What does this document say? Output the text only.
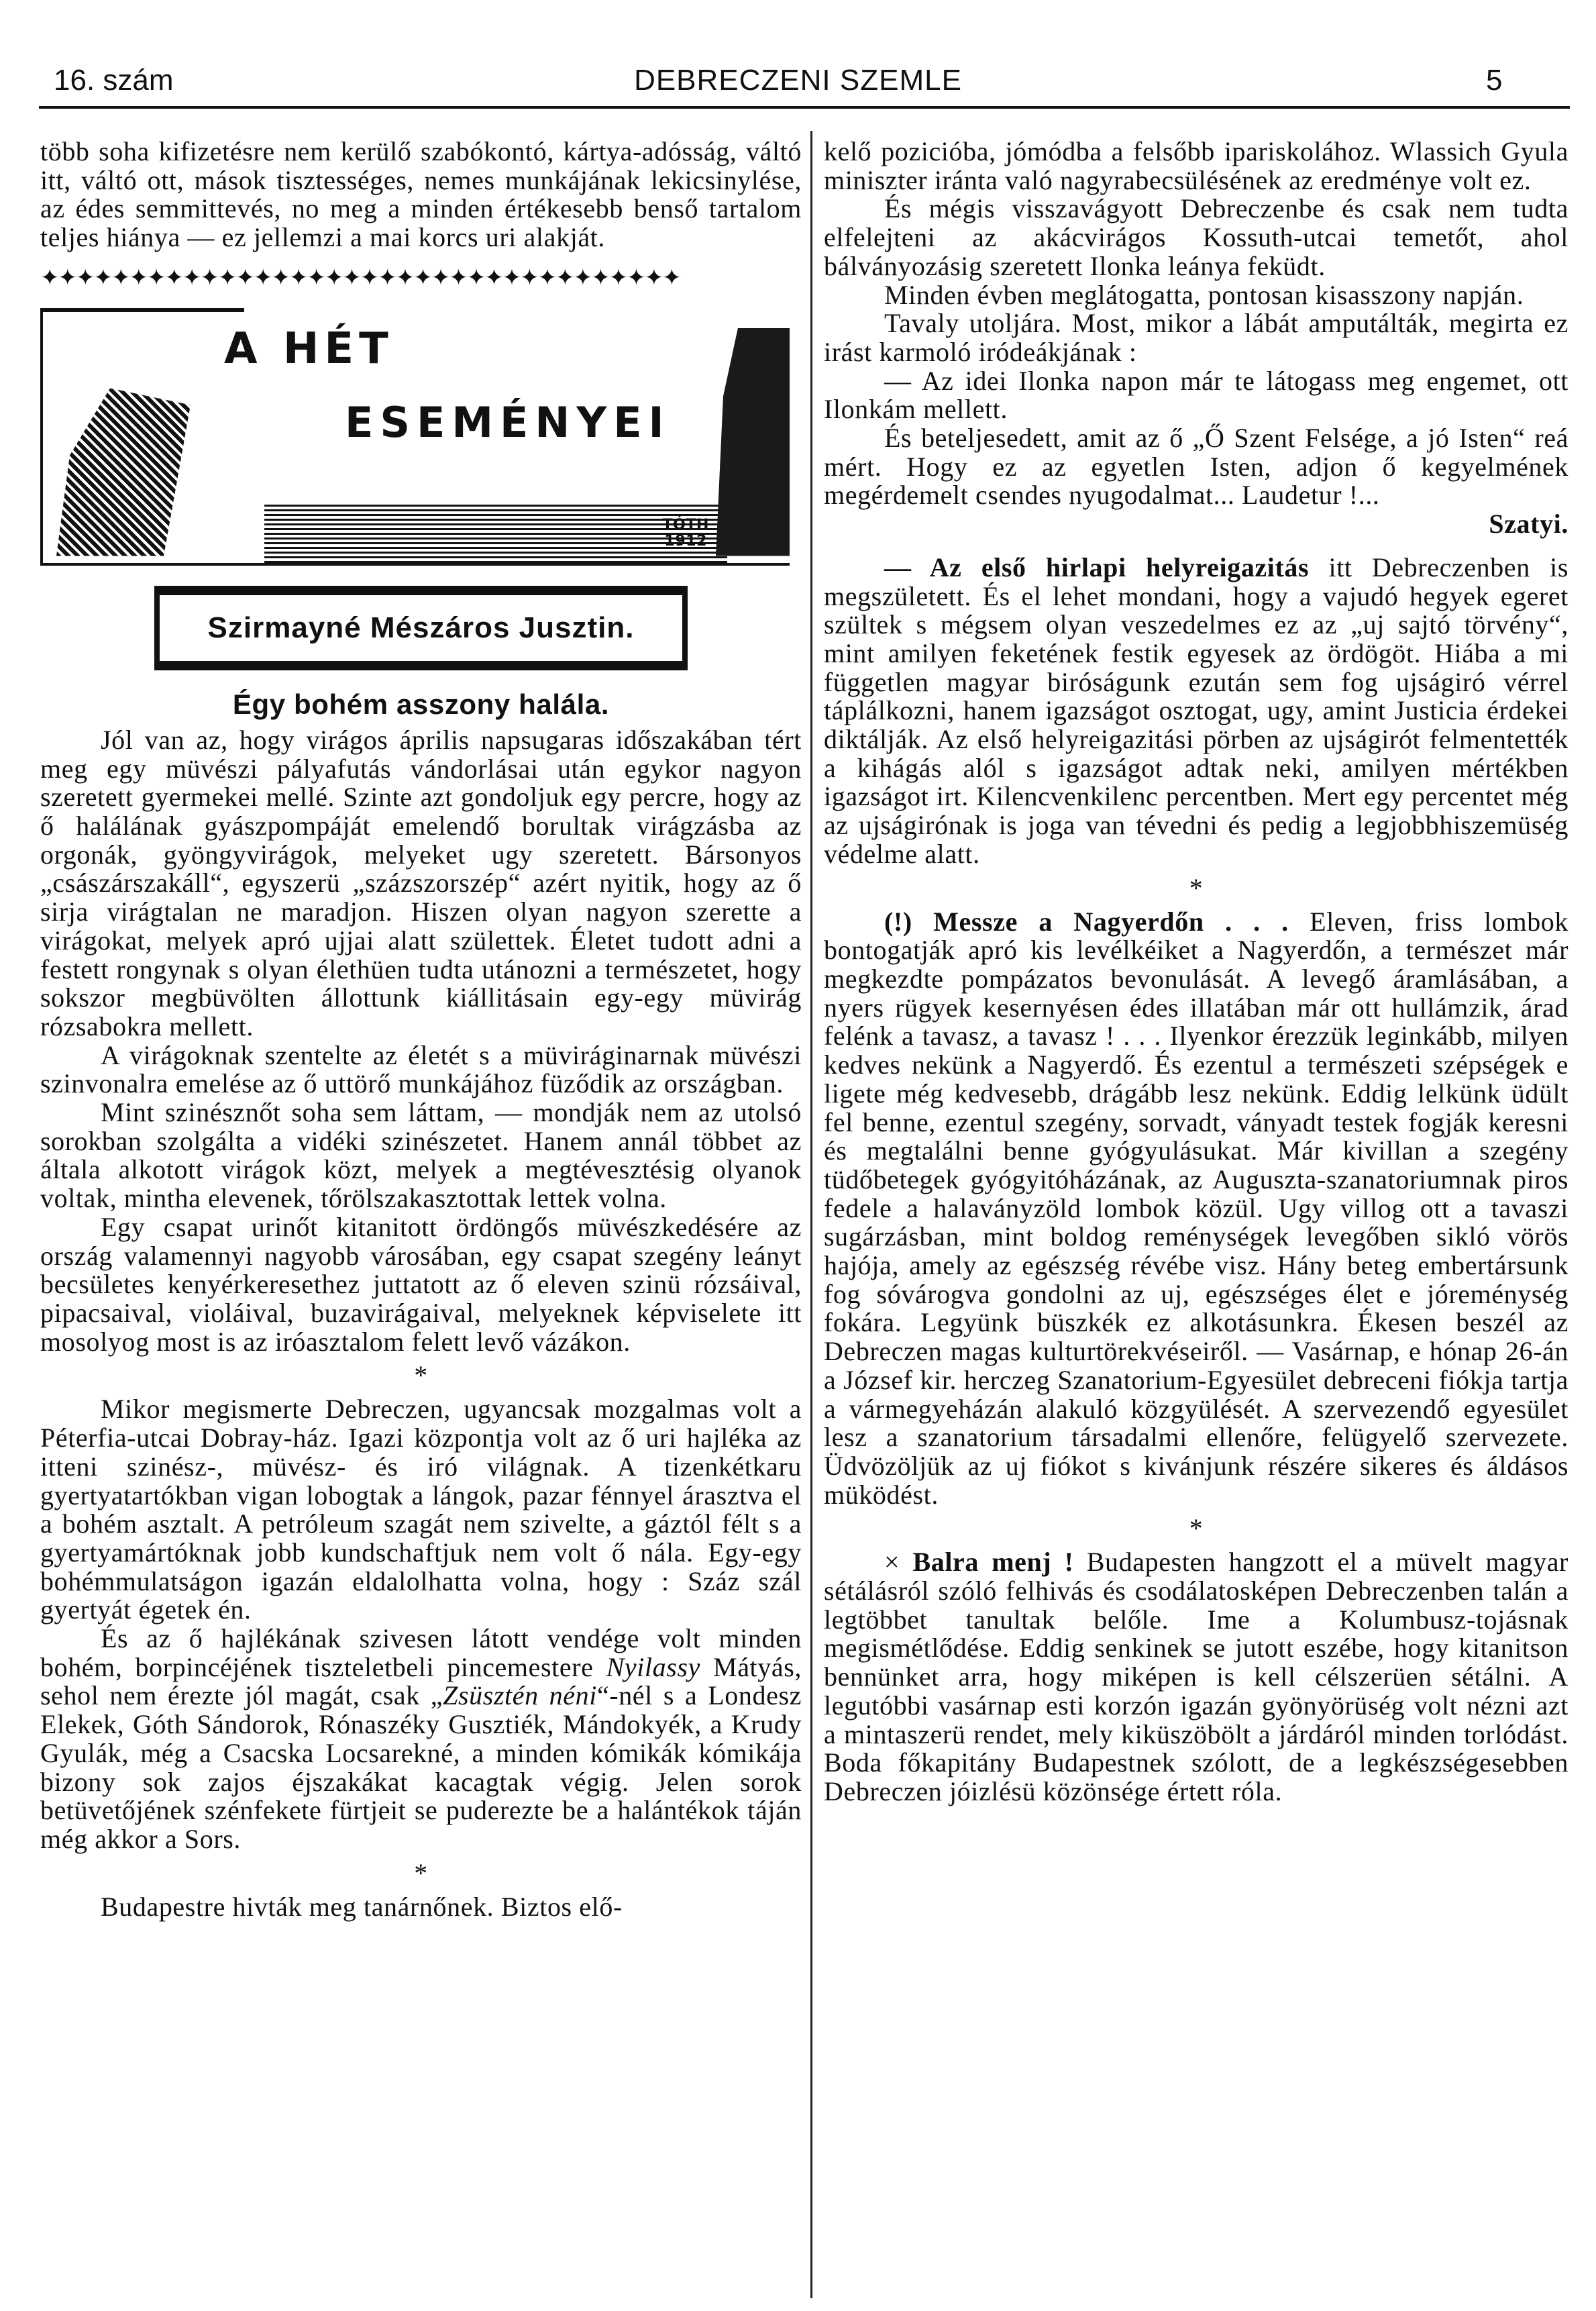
16. szám	DEBRECZENI SZEMLE	5

több soha kifizetésre nem kerülő szabókontó, kártya-adósság, váltó itt, váltó ott, mások tisztességes, nemes munkájának lekicsinylése, az édes semmittevés, no meg a minden értékesebb benső tartalom teljes hiánya — ez jellemzi a mai korcs uri alakját.

✦✦✦✦✦✦✦✦✦✦✦✦✦✦✦✦✦✦✦✦✦✦✦✦✦✦✦✦✦✦✦✦✦✦✦✦
A HÉT
ESEMÉNYEI
TÓTH
1912
Szirmayné Mészáros Jusztin.
Égy bohém asszony halála.

Jól van az, hogy virágos április napsugaras időszakában tért meg egy müvészi pályafutás vándorlásai után egykor nagyon szeretett gyermekei mellé. Szinte azt gondoljuk egy percre, hogy az ő halálának gyászpompáját emelendő borultak virágzásba az orgonák, gyöngyvirágok, melyeket ugy szeretett. Bársonyos „császárszakáll“, egyszerü „százszorszép“ azért nyitik, hogy az ő sirja virágtalan ne maradjon. Hiszen olyan nagyon szerette a virágokat, melyek apró ujjai alatt születtek. Életet tudott adni a festett rongynak s olyan élethüen tudta utánozni a természetet, hogy sokszor megbüvölten állottunk kiállitásain egy-egy müvirág rózsabokra mellett.

A virágoknak szentelte az életét s a müviráginarnak müvészi szinvonalra emelése az ő uttörő munkájához füződik az országban.

Mint szinésznőt soha sem láttam, — mondják nem az utolsó sorokban szolgálta a vidéki szinészetet. Hanem annál többet az általa alkotott virágok közt, melyek a megtévesztésig olyanok voltak, mintha elevenek, tőrölszakasztottak lettek volna.

Egy csapat urinőt kitanitott ördöngős müvészkedésére az ország valamennyi nagyobb városában, egy csapat szegény leányt becsületes kenyérkeresethez juttatott az ő eleven szinü rózsáival, pipacsaival, violáival, buzavirágaival, melyeknek képviselete itt mosolyog most is az iróasztalom felett levő vázákon.

*

Mikor megismerte Debreczen, ugyancsak mozgalmas volt a Péterfia-utcai Dobray-ház. Igazi központja volt az ő uri hajléka az itteni szinész-, müvész- és iró világnak. A tizenkétkaru gyertyatartókban vigan lobogtak a lángok, pazar fénnyel árasztva el a bohém asztalt. A petróleum szagát nem szivelte, a gáztól félt s a gyertyamártóknak jobb kundschaftjuk nem volt ő nála. Egy-egy bohémmulatságon igazán eldalolhatta volna, hogy : Száz szál gyertyát égetek én.

És az ő hajlékának szivesen látott vendége volt minden bohém, borpincéjének tiszteletbeli pincemestere Nyilassy Mátyás, sehol nem érezte jól magát, csak „Zsüsztén néni“-nél s a Londesz Elekek, Góth Sándorok, Rónaszéky Gusztiék, Mándokyék, a Krudy Gyulák, még a Csacska Locsarekné, a minden kómikák kómikája bizony sok zajos éjszakákat kacagtak végig. Jelen sorok betüvetőjének szénfekete fürtjeit se puderezte be a halántékok táján még akkor a Sors.

*

Budapestre hivták meg tanárnőnek. Biztos elő-

kelő pozicióba, jómódba a felsőbb ipariskolához. Wlassich Gyula miniszter iránta való nagyrabecsülésének az eredménye volt ez.

És mégis visszavágyott Debreczenbe és csak nem tudta elfelejteni az akácvirágos Kossuth-utcai temetőt, ahol bálványozásig szeretett Ilonka leánya feküdt.

Minden évben meglátogatta, pontosan kisasszony napján.

Tavaly utoljára. Most, mikor a lábát amputálták, megirta ez irást karmoló iródeákjának :

— Az idei Ilonka napon már te látogass meg engemet, ott Ilonkám mellett.

És beteljesedett, amit az ő „Ő Szent Felsége, a jó Isten“ reá mért. Hogy ez az egyetlen Isten, adjon ő kegyelmének megérdemelt csendes nyugodalmat... Laudetur !...

Szatyi.

— Az első hirlapi helyreigazitás itt Debreczenben is megszületett. És el lehet mondani, hogy a vajudó hegyek egeret szültek s mégsem olyan veszedelmes ez az „uj sajtó törvény“, mint amilyen feketének festik egyesek az ördögöt. Hiába a mi független magyar biróságunk ezután sem fog ujságiró vérrel táplálkozni, hanem igazságot osztogat, ugy, amint Justicia érdekei diktálják. Az első helyreigazitási pörben az ujságirót felmentették a kihágás alól s igazságot adtak neki, amilyen mértékben igazságot irt. Kilencvenkilenc percentben. Mert egy percentet még az ujságirónak is joga van tévedni és pedig a legjobbhiszemüség védelme alatt.

*

(!) Messze a Nagyerdőn . . . Eleven, friss lombok bontogatják apró kis levélkéiket a Nagyerdőn, a természet már megkezdte pompázatos bevonulását. A levegő áramlásában, a nyers rügyek kesernyésen édes illatában már ott hullámzik, árad felénk a tavasz, a tavasz ! . . . Ilyenkor érezzük leginkább, milyen kedves nekünk a Nagyerdő. És ezentul a természeti szépségek e ligete még kedvesebb, drágább lesz nekünk. Eddig lelkünk üdült fel benne, ezentul szegény, sorvadt, ványadt testek fogják keresni és megtalálni benne gyógyulásukat. Már kivillan a szegény tüdőbetegek gyógyitóházának, az Auguszta-szanatoriumnak piros fedele a halaványzöld lombok közül. Ugy villog ott a tavaszi sugárzásban, mint boldog reménységek levegőben sikló vörös hajója, amely az egészség révébe visz. Hány beteg embertársunk fog sóvárogva gondolni az uj, egészséges élet e jóreménység fokára. Legyünk büszkék ez alkotásunkra. Ékesen beszél az Debreczen magas kulturtörekvéseiről. — Vasárnap, e hónap 26-án a József kir. herczeg Szanatorium-Egyesület debreceni fiókja tartja a vármegyeházán alakuló közgyülését. A szervezendő egyesület lesz a szanatorium társadalmi ellenőre, felügyelő szervezete. Üdvözöljük az uj fiókot s kivánjunk részére sikeres és áldásos müködést.

*

× Balra menj ! Budapesten hangzott el a müvelt magyar sétálásról szóló felhivás és csodálatosképen Debreczenben talán a legtöbbet tanultak belőle. Ime a Kolumbusz-tojásnak megismétlődése. Eddig senkinek se jutott eszébe, hogy kitanitson bennünket arra, hogy miképen is kell célszerüen sétálni. A legutóbbi vasárnap esti korzón igazán gyönyörüség volt nézni azt a mintaszerü rendet, mely kiküszöbölt a járdáról minden torlódást. Boda főkapitány Budapestnek szólott, de a legkészségesebben Debreczen jóizlésü közönsége értett róla.
